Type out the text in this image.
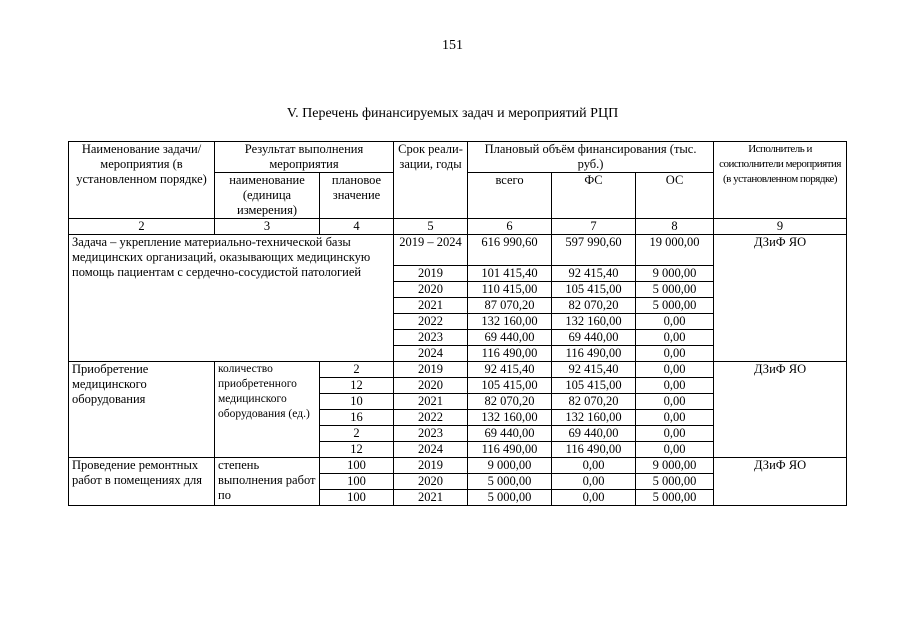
151
V. Перечень финансируемых задач и мероприятий РЦП
Наименование задачи/мероприятия (в установленном порядке)	Результат выполнения мероприятия		Срок реали-зации, годы	Плановый объём финансирования (тыс. руб.)			Исполнитель и соисполнители мероприятия (в установленном порядке)
	наименование (единица измерения)	плановое значение		всего	ФС	ОС	
2	3	4	5	6	7	8	9
Задача – укрепление материально-технической базы медицинских организаций, оказывающих медицинскую помощь пациентам с сердечно-сосудистой патологией			2019 – 2024	616 990,60	597 990,60	19 000,00	ДЗиФ ЯО
			2019	101 415,40	92 415,40	9 000,00	
			2020	110 415,00	105 415,00	5 000,00	
			2021	87 070,20	82 070,20	5 000,00	
			2022	132 160,00	132 160,00	0,00	
			2023	69 440,00	69 440,00	0,00	
			2024	116 490,00	116 490,00	0,00	
Приобретение медицинского оборудования	количество приобретенного медицинского оборудования (ед.)	2	2019	92 415,40	92 415,40	0,00	ДЗиФ ЯО
		12	2020	105 415,00	105 415,00	0,00	
		10	2021	82 070,20	82 070,20	0,00	
		16	2022	132 160,00	132 160,00	0,00	
		2	2023	69 440,00	69 440,00	0,00	
		12	2024	116 490,00	116 490,00	0,00	
Проведение ремонтных работ в помещениях для	степень выполнения работ по	100	2019	9 000,00	0,00	9 000,00	ДЗиФ ЯО
		100	2020	5 000,00	0,00	5 000,00	
		100	2021	5 000,00	0,00	5 000,00	
